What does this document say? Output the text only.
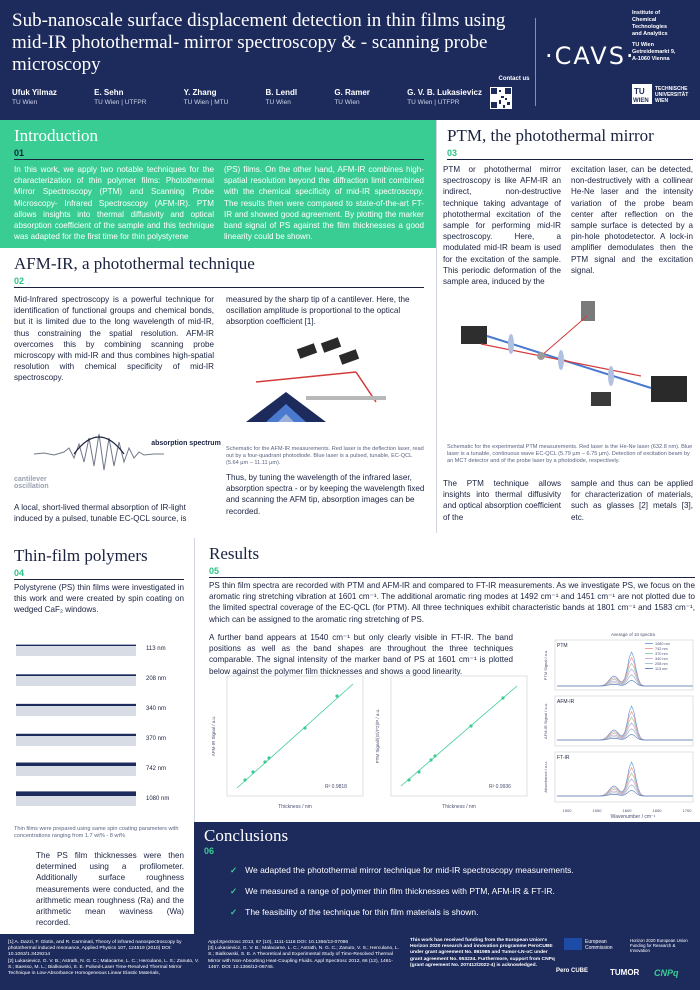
Sub-nanoscale surface displacement detection in thin films using mid-IR photothermal- mirror spectroscopy & - scanning probe microscopy
Ufuk Yilmaz
TU Wien
E. Sehn
TU Wien | UTFPR
Y. Zhang
TU Wien | MTU
B. Lendl
TU Wien
G. Ramer
TU Wien
G. V. B. Lukasievicz
TU Wien | UTFPR
Contact us
·CAVS·
Institute of
Chemical
Technologies
and Analytics
TU Wien
Getreidemarkt 9,
A-1060 Vienna
TU
WIEN
TECHNISCHE
UNIVERSITÄT
WIEN
Introduction
01
In this work, we apply two notable techniques for the characterization of thin polymer films: Photothermal Mirror Spectroscopy (PTM) and Scanning Probe Microscopy- Infrared Spectroscopy (AFM-IR). PTM allows insights into thermal diffusivity and optical absorption coefficient of the sample and this technique was adapted for the first time for thin polystyrene
(PS) films. On the other hand, AFM-IR combines high-spatial resolution beyond the diffraction limit combined with the chemical specificity of mid-IR spectroscopy. The results then were compared to state-of-the-art FT-IR and showed good agreement. By plotting the marker band signal of PS against the film thicknesses a good linearity could be shown.
AFM-IR, a photothermal technique
02
Mid-Infrared spectroscopy is a powerful technique for identification of functional groups and chemical bonds, but it is limited due to the long wavelength of mid-IR, thus constraining the spatial resolution. AFM-IR overcomes this by combining scanning probe microscopy with mid-IR and thus combines high-spatial resolution with chemical specificity of mid-IR spectroscopy.
absorption spectrum
cantilever oscillation
A local, short-lived thermal absorption of IR-light induced by a pulsed, tunable EC-QCL source, is
measured by the sharp tip of a cantilever. Here, the oscillation amplitude is proportional to the optical absorption coefficient [1].
Schematic for the AFM-IR measurements. Red laser is the deflection laser, read out by a four-quadrant photodiode. Blue laser is a pulsed, tunable, EC-QCL (5.64 µm – 11.11 µm).
Thus, by tuning the wavelength of the infrared laser, absorption spectra - or by keeping the wavelength fixed and scanning the AFM tip, absorption images can be recorded.
PTM, the photothermal mirror
03
PTM or photothermal mirror spectroscopy is like AFM-IR an indirect, non-destructive technique taking advantage of photothermal excitation of the sample for performing mid-IR spectroscopy. Here, a modulated mid-IR beam is used for the excitation of the sample. This periodic deformation of the sample area, induced by the
excitation laser, can be detected, non-destructively with a collinear He-Ne laser and the intensity variation of the probe beam center after reflection on the sample surface is detected by a pin-hole photodetector. A lock-in amplifier demodulates then the PTM signal and the excitation signal.
Schematic for the experimental PTM measurements. Red laser is the He-Ne laser (632.8 nm). Blue laser is a tunable, continuous wave EC-QCL (5.79 µm – 6.75 µm). Detection of excitation beam by an MCT detector and of the probe laser by a photodiode, respectively.
The PTM technique allows insights into thermal diffusivity and optical absorption coefficient of the
sample and thus can be applied for characterization of materials, such as glasses [2] metals [3], etc.
Thin-film polymers
04
Polystyrene (PS) thin films were investigated in this work and were created by spin coating on wedged CaF₂ windows.
113 nm
208 nm
340 nm
370 nm
742 nm
1080 nm
Thin films were prepared using same spin coating parameters with concentrations ranging from 1.7 wt% - 8 wt%
The PS film thicknesses were then determined using a profilometer. Additionally surface roughness measurements were conducted, and the arithmetic mean roughness (Ra) and the arithmetic mean waviness (Wa) recorded.
Results
05
PS thin film spectra are recorded with PTM and AFM-IR and compared to FT-IR measurements. As we investigate PS, we focus on the aromatic ring stretching vibration at 1601 cm⁻¹. The additional aromatic ring modes at 1492 cm⁻¹ and 1451 cm⁻¹ are not plotted due to the limited spectral coverage of the EC-QCL (for PTM). All three techniques exhibit characteristic bands at 1801 cm⁻¹ and 1583 cm⁻¹, which can be assigned to the aromatic ring stretching of PS.
A further band appears at 1540 cm⁻¹ but only clearly visible in FT-IR. The band positions as well as the band shapes are throughout the three techniques comparable. The signal intensity of the marker band of PS at 1601 cm⁻¹ is plotted below against the polymer film thicknesses and shows a good linearity.
AFM-IR Signal / a.u.
Thickness / nm
R² 0.9818
PTM Signal/(G\/I^2)/P / a.u.
Thickness / nm
R² 0.9936
Average of 10 spectra
PTM
PTM Signal / a.u.
AFM-IR
AFM-IR Signal / a.u.
FT-IR
Absorbance / a.u.
1080 nm
742 nm
370 nm
340 nm
208 nm
113 nm
1500	1550	1600	1650	1700
Wavenumber / cm⁻¹
Conclusions
06
✓ We adapted the photothermal mirror technique for mid-IR spectroscopy measurements.
✓ We measured a range of polymer thin film thicknesses with PTM, AFM-IR & FT-IR.
✓ The feasibility of the technique for thin film materials is shown.
[1] A. Dazzi, F. Glotin, and R. Carminati, Theory of infrared nanospectroscopy by photothermal induced resonance, Applied Physics 107, 124519 (2010) DOI: 10.1063/1.3429214
[2] Lukasievicz, G. V. B.; Astrath, N. G. C.; Malacarne, L. C.; Herculano, L. S.; Zanuto, V. S.; Baesso, M. L.; Bialkowski, S. E. Pulsed-Laser Time-Resolved Thermal Mirror Technique in Low-Absorbance Homogeneous Linear Elastic Materials,
Appl.Spectrosc 2013, 67 (10), 1111-1116 DOI: 10.1366/13-07096
[3] Lukasievicz, G. V. B.; Malacarne, L. C.; Astrath, N. G. C.; Zanuto, V. S.; Herculano, L. S.; Bialkowski, S. E. A Theoretical and Experimental Study of Time-Resolved Thermal Mirror with Non-Absorbing Heat-Coupling Fluids. Appl Spectrosc 2012, 66 (12), 1461-1467. DOI: 10.1366/12-06745.
This work has received funding from the European Union's Horizon 2020 research and innovation programme PeroCUBE under grant agreement No. 861985 and Tumor-LN-oC under grant agreement No. 953234. Furthermore, support from CNPq (grant agreement No. 207412/2022-4) is acknowledged.
European Commission
Horizon 2020 European Union Funding for Research & Innovation
Pero CUBE	TUMOR CNPq
